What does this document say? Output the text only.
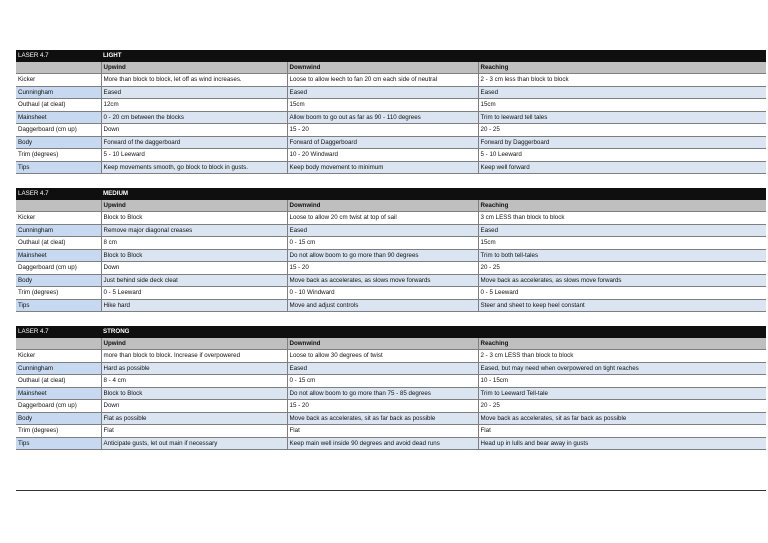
LASER 4.7	LIGHT		
	Upwind	Downwind	Reaching
Kicker	More than block to block, let off as wind increases.	Loose to allow leech to fan 20 cm each side of neutral	2 - 3 cm less than block to block
Cunningham	Eased	Eased	Eased
Outhaul (at cleat)	12cm	15cm	15cm
Mainsheet	0 - 20 cm between the blocks	Allow boom to go out as far as 90 - 110 degrees	Trim to leeward tell tales
Daggerboard (cm up)	Down	15 - 20	20 - 25
Body	Forward of the daggerboard	Forward of Daggerboard	Forward by Daggerboard
Trim (degrees)	5 - 10 Leeward	10 - 20 Windward	5 - 10 Leeward
Tips	Keep movements smooth, go block to block in gusts.	Keep body movement to minimum	Keep well forward

LASER 4.7	MEDIUM		
	Upwind	Downwind	Reaching
Kicker	Block to Block	Loose to allow 20 cm twist at top of sail	3 cm LESS than block to block
Cunningham	Remove major diagonal creases	Eased	Eased
Outhaul (at cleat)	8 cm	0 - 15 cm	15cm
Mainsheet	Block to Block	Do not allow boom to go more than 90 degrees	Trim to both tell-tales
Daggerboard (cm up)	Down	15 - 20	20 - 25
Body	Just behind side deck cleat	Move back as accelerates, as slows move forwards	Move back as accelerates, as slows move forwards
Trim (degrees)	0 - 5 Leeward	0 - 10 Windward	0 - 5 Leeward
Tips	Hike hard	Move and adjust controls	Steer and sheet to keep heel constant

LASER 4.7	STRONG		
	Upwind	Downwind	Reaching
Kicker	more than block to block. Increase if overpowered	Loose to allow 30 degrees of twist	2 - 3 cm LESS than block to block
Cunningham	Hard as possible	Eased	Eased, but may need when overpowered on tight reaches
Outhaul (at cleat)	8 - 4 cm	0 - 15 cm	10 - 15cm
Mainsheet	Block to Block	Do not allow boom to go more than 75 - 85 degrees	Trim to Leeward Tell-tale
Daggerboard (cm up)	Down	15 - 20	20 - 25
Body	Flat as possible	Move back as accelerates, sit as far back as possible	Move back as accelerates, sit as far back as possible
Trim (degrees)	Flat	Flat	Flat
Tips	Anticipate gusts, let out main if necessary	Keep main well inside 90 degrees and avoid dead runs	Head up in lulls and bear away in gusts
